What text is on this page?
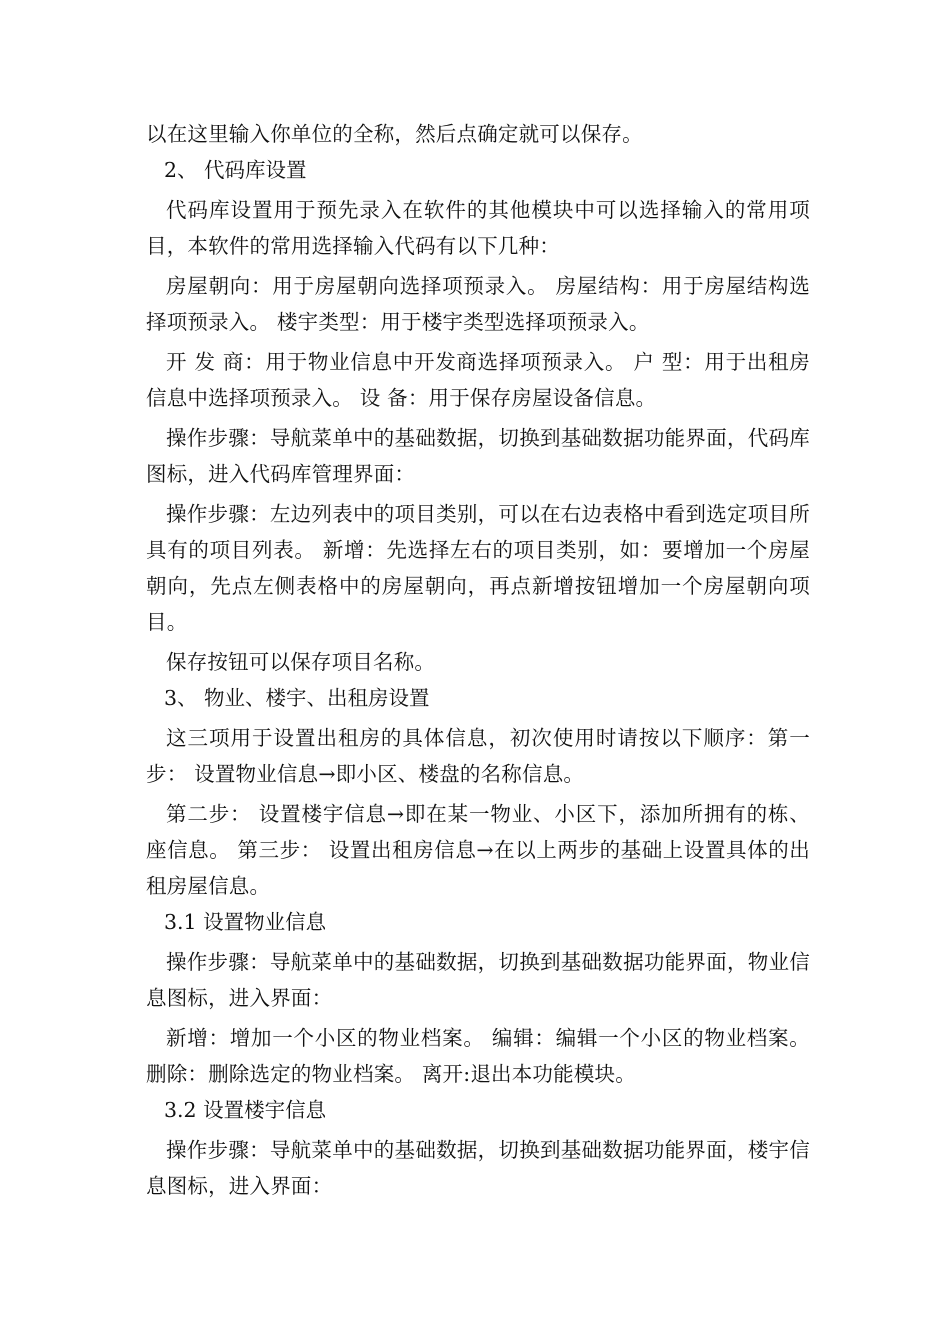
以在这里输入你单位的全称，然后点确定就可以保存。

2、 代码库设置

代码库设置用于预先录入在软件的其他模块中可以选择输入的常用项目，本软件的常用选择输入代码有以下几种：

房屋朝向：用于房屋朝向选择项预录入。 房屋结构：用于房屋结构选择项预录入。 楼宇类型：用于楼宇类型选择项预录入。

开 发 商：用于物业信息中开发商选择项预录入。 户 型：用于出租房信息中选择项预录入。 设 备：用于保存房屋设备信息。

操作步骤：导航菜单中的基础数据，切换到基础数据功能界面，代码库图标，进入代码库管理界面：

操作步骤：左边列表中的项目类别，可以在右边表格中看到选定项目所具有的项目列表。 新增：先选择左右的项目类别，如：要增加一个房屋朝向，先点左侧表格中的房屋朝向，再点新增按钮增加一个房屋朝向项目。

保存按钮可以保存项目名称。

3、 物业、楼宇、出租房设置

这三项用于设置出租房的具体信息，初次使用时请按以下顺序：第一步： 设置物业信息→即小区、楼盘的名称信息。

第二步： 设置楼宇信息→即在某一物业、小区下，添加所拥有的栋、座信息。 第三步： 设置出租房信息→在以上两步的基础上设置具体的出租房屋信息。

3.1 设置物业信息

操作步骤：导航菜单中的基础数据，切换到基础数据功能界面，物业信息图标，进入界面：

新增：增加一个小区的物业档案。 编辑：编辑一个小区的物业档案。 删除：删除选定的物业档案。 离开:退出本功能模块。

3.2 设置楼宇信息

操作步骤：导航菜单中的基础数据，切换到基础数据功能界面，楼宇信息图标，进入界面：
